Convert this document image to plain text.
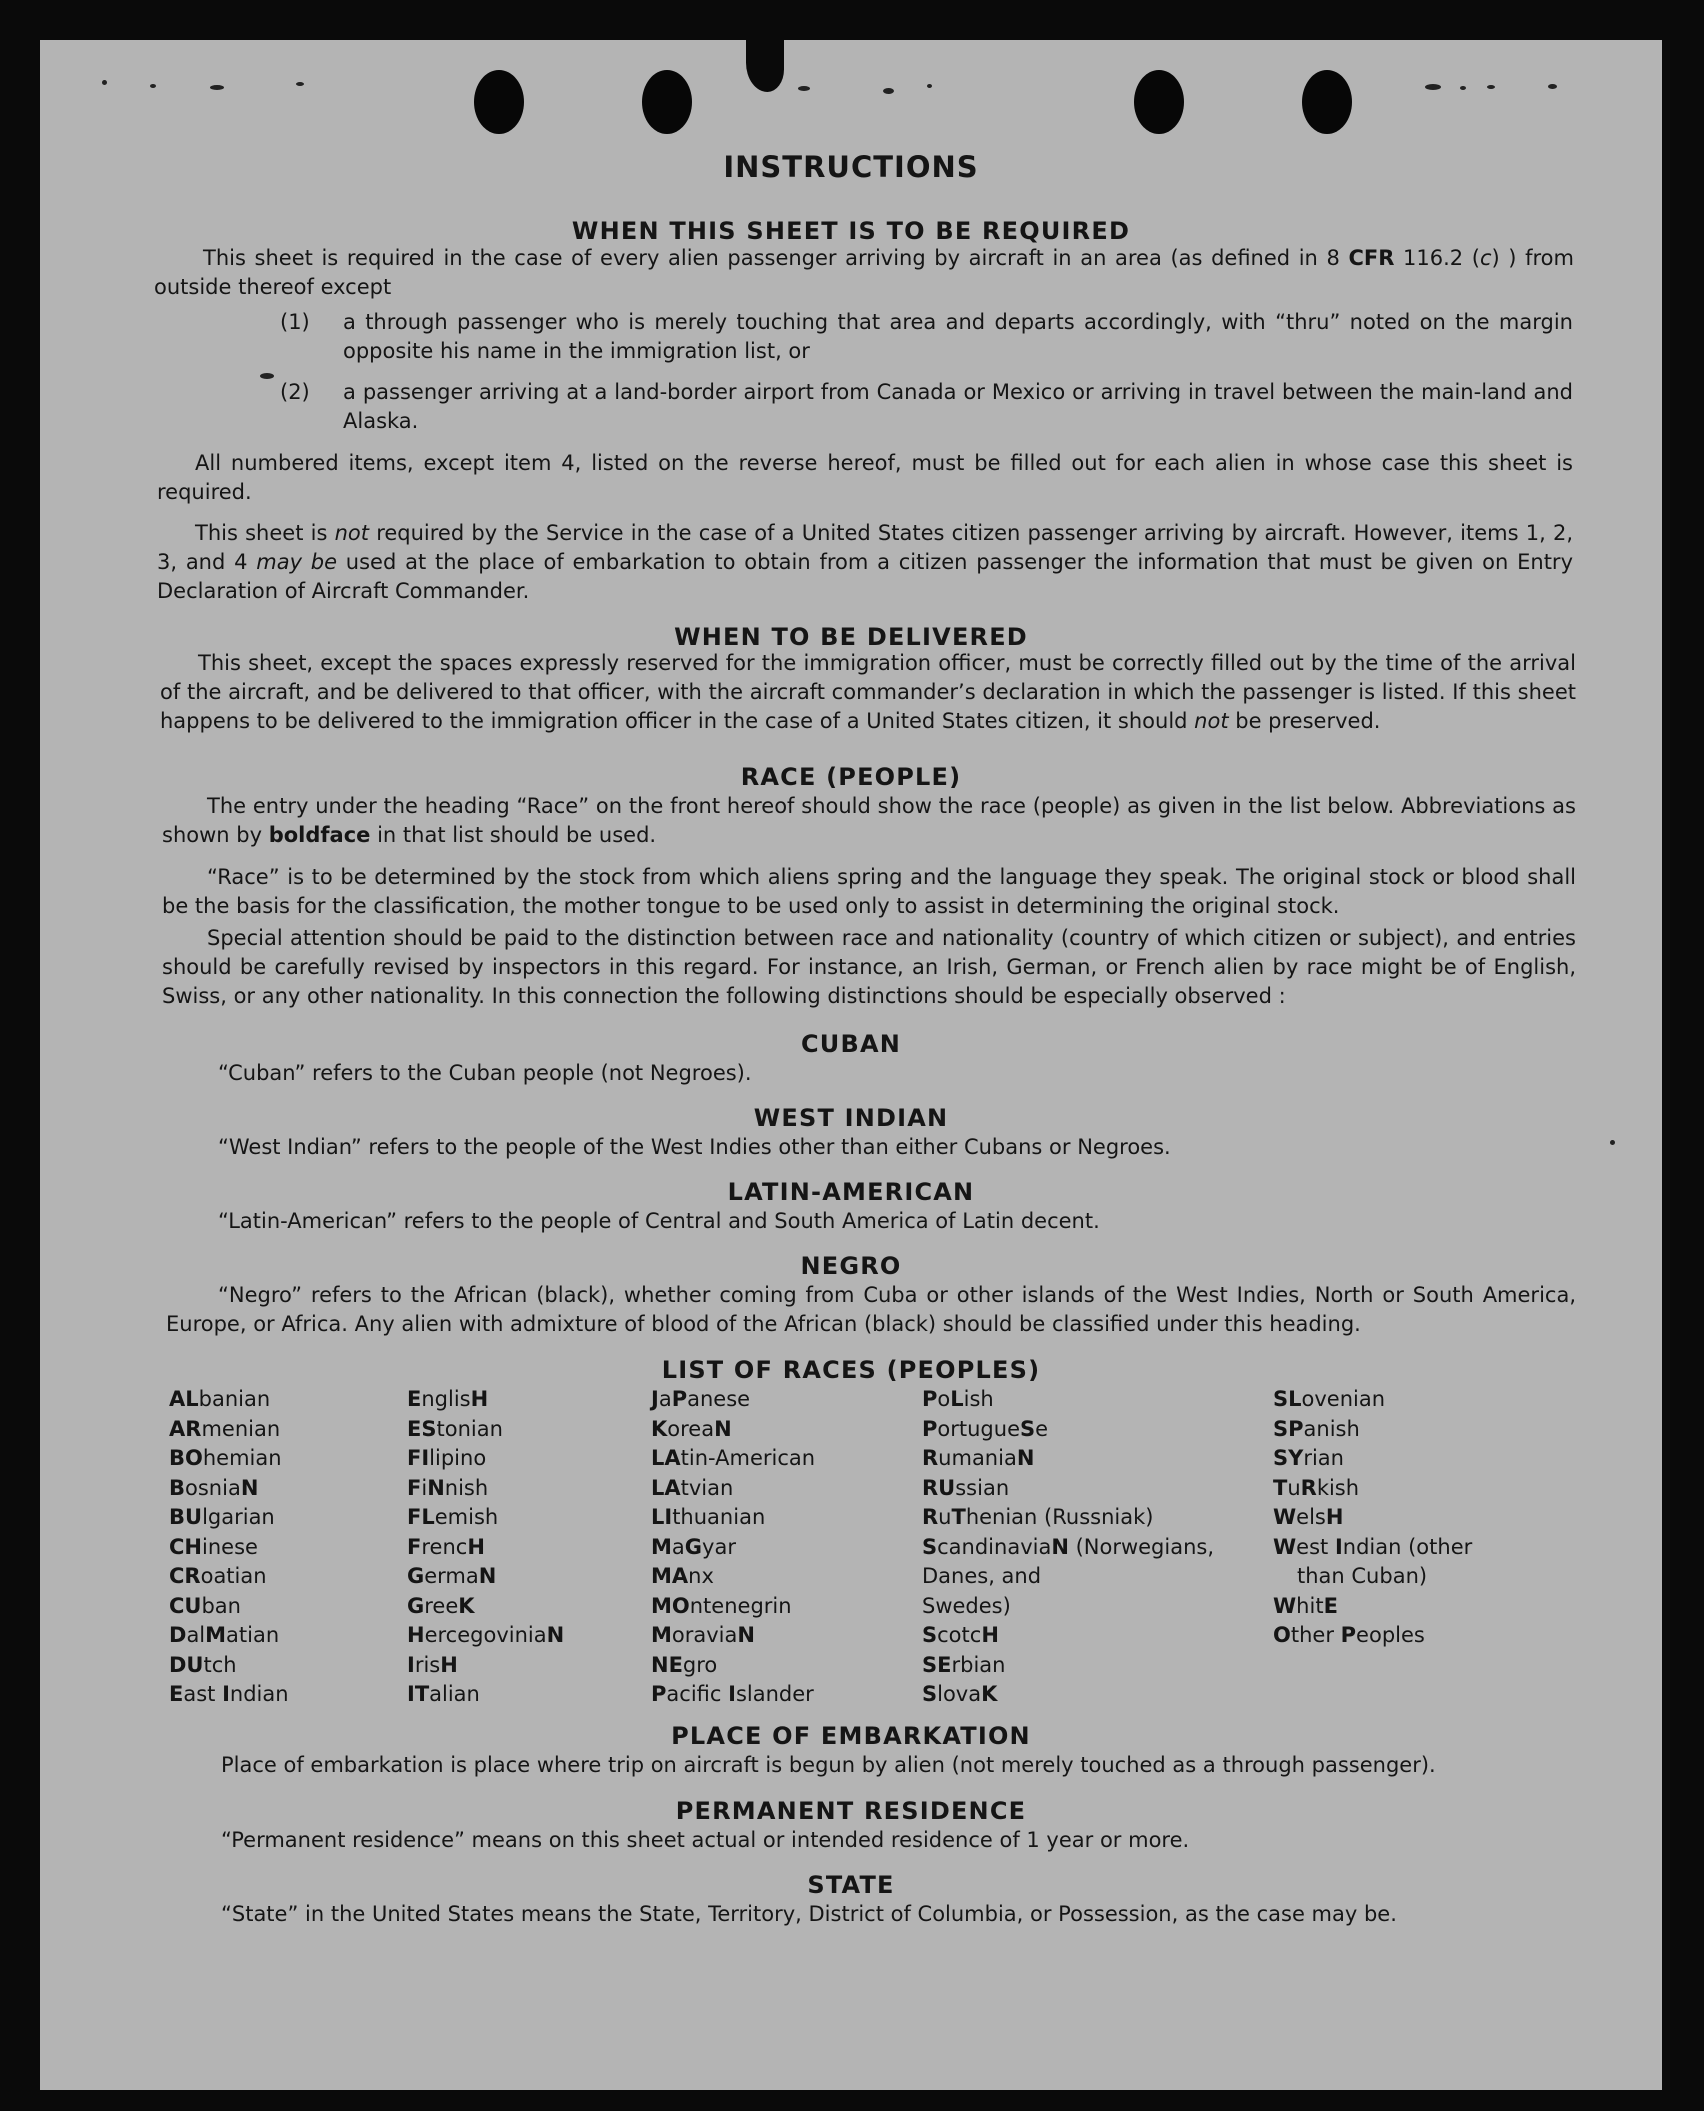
INSTRUCTIONS
WHEN THIS SHEET IS TO BE REQUIRED

This sheet is required in the case of every alien passenger arriving by aircraft in an area (as defined in 8 CFR 116.2 (c) ) from outside thereof except

(1) a through passenger who is merely touching that area and departs accordingly, with “thru” noted on the margin opposite his name in the immigration list, or

(2) a passenger arriving at a land-border airport from Canada or Mexico or arriving in travel between the main-land and Alaska.

All numbered items, except item 4, listed on the reverse hereof, must be filled out for each alien in whose case this sheet is required.

This sheet is not required by the Service in the case of a United States citizen passenger arriving by aircraft. However, items 1, 2, 3, and 4 may be used at the place of embarkation to obtain from a citizen passenger the information that must be given on Entry Declaration of Aircraft Commander.

WHEN TO BE DELIVERED

This sheet, except the spaces expressly reserved for the immigration officer, must be correctly filled out by the time of the arrival of the aircraft, and be delivered to that officer, with the aircraft commander’s declaration in which the passenger is listed. If this sheet happens to be delivered to the immigration officer in the case of a United States citizen, it should not be preserved.

RACE (PEOPLE)

The entry under the heading “Race” on the front hereof should show the race (people) as given in the list below. Abbreviations as shown by boldface in that list should be used.

“Race” is to be determined by the stock from which aliens spring and the language they speak. The original stock or blood shall be the basis for the classification, the mother tongue to be used only to assist in determining the original stock.

Special attention should be paid to the distinction between race and nationality (country of which citizen or subject), and entries should be carefully revised by inspectors in this regard. For instance, an Irish, German, or French alien by race might be of English, Swiss, or any other nationality. In this connection the following distinctions should be especially observed :

CUBAN

“Cuban” refers to the Cuban people (not Negroes).

WEST INDIAN

“West Indian” refers to the people of the West Indies other than either Cubans or Negroes.

LATIN-AMERICAN

“Latin-American” refers to the people of Central and South America of Latin decent.

NEGRO

“Negro” refers to the African (black), whether coming from Cuba or other islands of the West Indies, North or South America, Europe, or Africa. Any alien with admixture of blood of the African (black) should be classified under this heading.

LIST OF RACES (PEOPLES)
ALbanian
ARmenian
BOhemian
BosniaN
BUlgarian
CHinese
CRoatian
CUban
DalMatian
DUtch
East Indian
EnglisH
EStonian
FIlipino
FiNnish
FLemish
FrencH
GermaN
GreeK
HercegoviniaN
IrisH
ITalian
JaPanese
KoreaN
LAtin-American
LAtvian
LIthuanian
MaGyar
MAnx
MOntenegrin
MoraviaN
NEgro
Pacific Islander
PoLish
PortugueSe
RumaniaN
RUssian
RuThenian (Russniak)
ScandinaviaN (Norwegians,
Danes, and
Swedes)
ScotcH
SErbian
SlovaK
SLovenian
SPanish
SYrian
TuRkish
WelsH
West Indian (other
than Cuban)
WhitE
Other Peoples
PLACE OF EMBARKATION

Place of embarkation is place where trip on aircraft is begun by alien (not merely touched as a through passenger).

PERMANENT RESIDENCE

“Permanent residence” means on this sheet actual or intended residence of 1 year or more.

STATE

“State” in the United States means the State, Territory, District of Columbia, or Possession, as the case may be.
